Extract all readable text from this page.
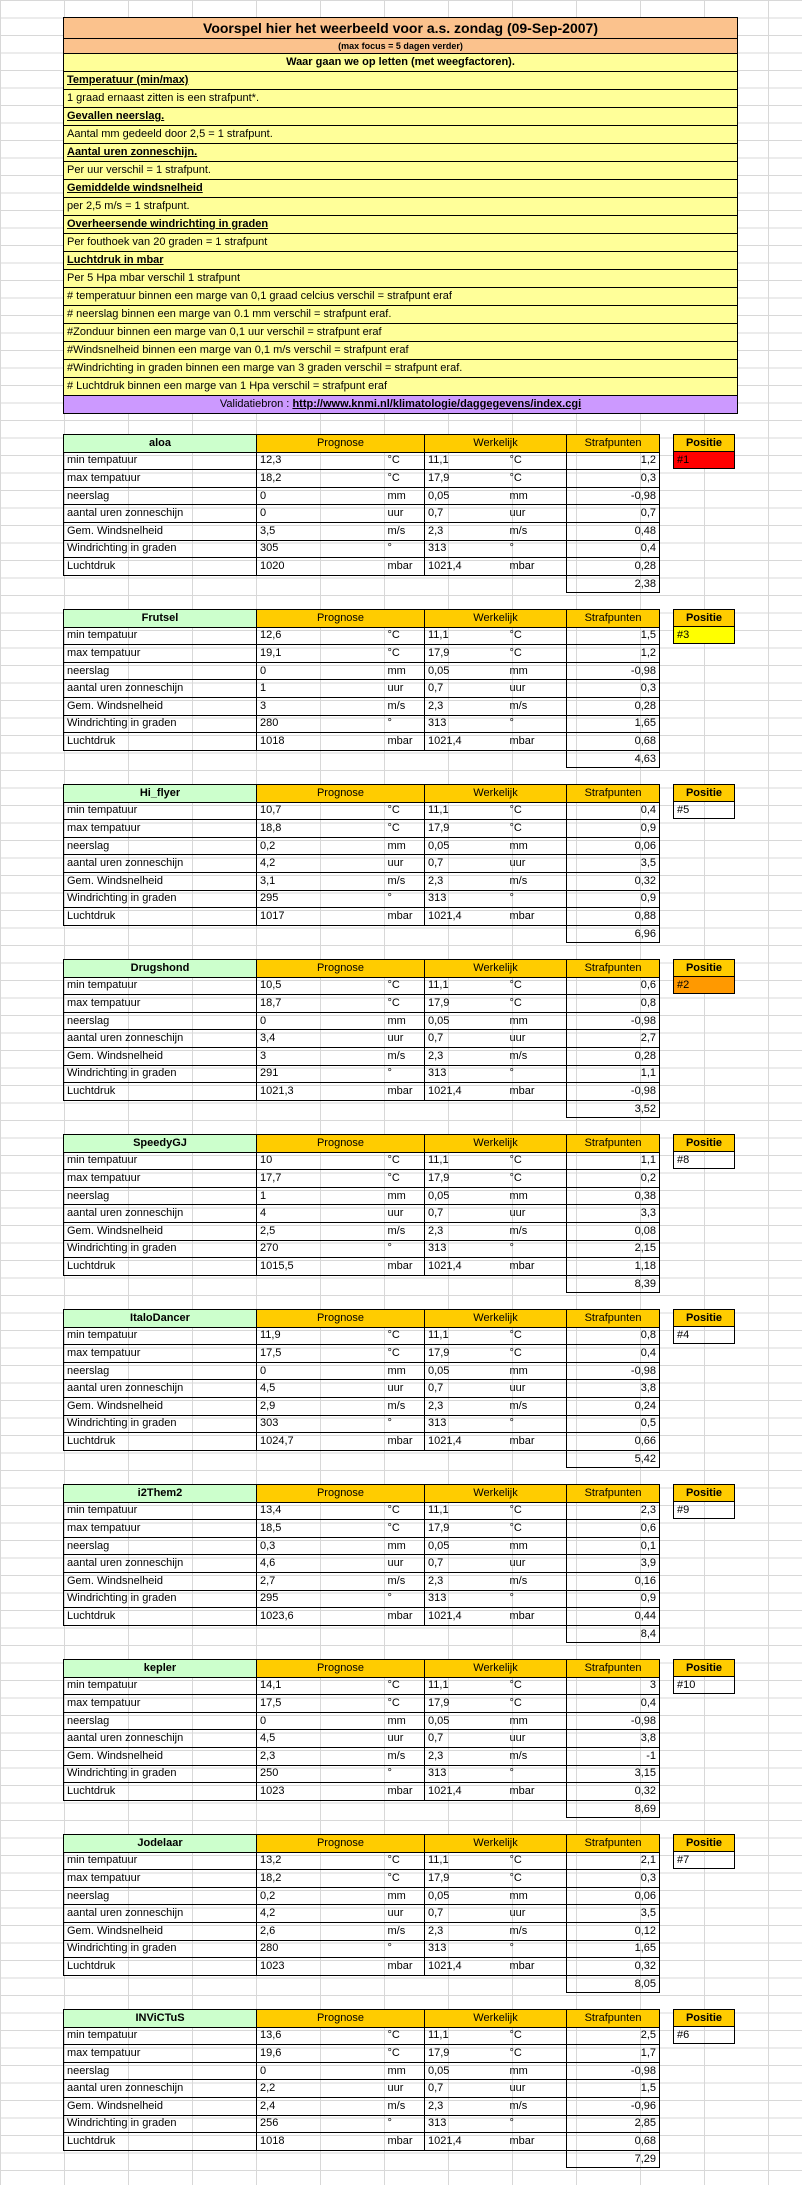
Voorspel hier het weerbeeld voor a.s. zondag (09-Sep-2007)
(max focus = 5 dagen verder)
Waar gaan we op letten (met weegfactoren).
Temperatuur (min/max)
1 graad ernaast zitten is een strafpunt*.
Gevallen neerslag.
Aantal mm gedeeld door 2,5 = 1 strafpunt.
Aantal uren zonneschijn.
Per uur verschil = 1 strafpunt.
Gemiddelde windsnelheid
per 2,5 m/s = 1 strafpunt.
Overheersende windrichting in graden
Per fouthoek van 20 graden = 1 strafpunt
Luchtdruk in mbar
Per 5 Hpa mbar verschil 1 strafpunt
# temperatuur binnen een marge van 0,1 graad celcius verschil = strafpunt eraf
# neerslag binnen een marge van 0.1 mm verschil = strafpunt eraf.
#Zonduur binnen een marge van 0,1 uur verschil = strafpunt eraf
#Windsnelheid binnen een marge van 0,1 m/s verschil = strafpunt eraf
#Windrichting in graden binnen een marge van 3 graden verschil = strafpunt eraf.
# Luchtdruk binnen een marge van 1 Hpa verschil = strafpunt eraf
Validatiebron : http://www.knmi.nl/klimatologie/daggegevens/index.cgi
aloa	Prognose		Werkelijk		Strafpunten
min tempatuur	12,3	°C	11,1	°C	1,2
max tempatuur	18,2	°C	17,9	°C	0,3
neerslag	0	mm	0,05	mm	-0,98
aantal uren zonneschijn	0	uur	0,7	uur	0,7
Gem. Windsnelheid	3,5	m/s	2,3	m/s	0,48
Windrichting in graden	305	°	313	°	0,4
Luchtdruk	1020	mbar	1021,4	mbar	0,28
					2,38
Positie
#1
Frutsel	Prognose		Werkelijk		Strafpunten
min tempatuur	12,6	°C	11,1	°C	1,5
max tempatuur	19,1	°C	17,9	°C	1,2
neerslag	0	mm	0,05	mm	-0,98
aantal uren zonneschijn	1	uur	0,7	uur	0,3
Gem. Windsnelheid	3	m/s	2,3	m/s	0,28
Windrichting in graden	280	°	313	°	1,65
Luchtdruk	1018	mbar	1021,4	mbar	0,68
					4,63
Positie
#3
Hi_flyer	Prognose		Werkelijk		Strafpunten
min tempatuur	10,7	°C	11,1	°C	0,4
max tempatuur	18,8	°C	17,9	°C	0,9
neerslag	0,2	mm	0,05	mm	0,06
aantal uren zonneschijn	4,2	uur	0,7	uur	3,5
Gem. Windsnelheid	3,1	m/s	2,3	m/s	0,32
Windrichting in graden	295	°	313	°	0,9
Luchtdruk	1017	mbar	1021,4	mbar	0,88
					6,96
Positie
#5
Drugshond	Prognose		Werkelijk		Strafpunten
min tempatuur	10,5	°C	11,1	°C	0,6
max tempatuur	18,7	°C	17,9	°C	0,8
neerslag	0	mm	0,05	mm	-0,98
aantal uren zonneschijn	3,4	uur	0,7	uur	2,7
Gem. Windsnelheid	3	m/s	2,3	m/s	0,28
Windrichting in graden	291	°	313	°	1,1
Luchtdruk	1021,3	mbar	1021,4	mbar	-0,98
					3,52
Positie
#2
SpeedyGJ	Prognose		Werkelijk		Strafpunten
min tempatuur	10	°C	11,1	°C	1,1
max tempatuur	17,7	°C	17,9	°C	0,2
neerslag	1	mm	0,05	mm	0,38
aantal uren zonneschijn	4	uur	0,7	uur	3,3
Gem. Windsnelheid	2,5	m/s	2,3	m/s	0,08
Windrichting in graden	270	°	313	°	2,15
Luchtdruk	1015,5	mbar	1021,4	mbar	1,18
					8,39
Positie
#8
ItaloDancer	Prognose		Werkelijk		Strafpunten
min tempatuur	11,9	°C	11,1	°C	0,8
max tempatuur	17,5	°C	17,9	°C	0,4
neerslag	0	mm	0,05	mm	-0,98
aantal uren zonneschijn	4,5	uur	0,7	uur	3,8
Gem. Windsnelheid	2,9	m/s	2,3	m/s	0,24
Windrichting in graden	303	°	313	°	0,5
Luchtdruk	1024,7	mbar	1021,4	mbar	0,66
					5,42
Positie
#4
i2Them2	Prognose		Werkelijk		Strafpunten
min tempatuur	13,4	°C	11,1	°C	2,3
max tempatuur	18,5	°C	17,9	°C	0,6
neerslag	0,3	mm	0,05	mm	0,1
aantal uren zonneschijn	4,6	uur	0,7	uur	3,9
Gem. Windsnelheid	2,7	m/s	2,3	m/s	0,16
Windrichting in graden	295	°	313	°	0,9
Luchtdruk	1023,6	mbar	1021,4	mbar	0,44
					8,4
Positie
#9
kepler	Prognose		Werkelijk		Strafpunten
min tempatuur	14,1	°C	11,1	°C	3
max tempatuur	17,5	°C	17,9	°C	0,4
neerslag	0	mm	0,05	mm	-0,98
aantal uren zonneschijn	4,5	uur	0,7	uur	3,8
Gem. Windsnelheid	2,3	m/s	2,3	m/s	-1
Windrichting in graden	250	°	313	°	3,15
Luchtdruk	1023	mbar	1021,4	mbar	0,32
					8,69
Positie
#10
Jodelaar	Prognose		Werkelijk		Strafpunten
min tempatuur	13,2	°C	11,1	°C	2,1
max tempatuur	18,2	°C	17,9	°C	0,3
neerslag	0,2	mm	0,05	mm	0,06
aantal uren zonneschijn	4,2	uur	0,7	uur	3,5
Gem. Windsnelheid	2,6	m/s	2,3	m/s	0,12
Windrichting in graden	280	°	313	°	1,65
Luchtdruk	1023	mbar	1021,4	mbar	0,32
					8,05
Positie
#7
INViCTuS	Prognose		Werkelijk		Strafpunten
min tempatuur	13,6	°C	11,1	°C	2,5
max tempatuur	19,6	°C	17,9	°C	1,7
neerslag	0	mm	0,05	mm	-0,98
aantal uren zonneschijn	2,2	uur	0,7	uur	1,5
Gem. Windsnelheid	2,4	m/s	2,3	m/s	-0,96
Windrichting in graden	256	°	313	°	2,85
Luchtdruk	1018	mbar	1021,4	mbar	0,68
					7,29
Positie
#6
